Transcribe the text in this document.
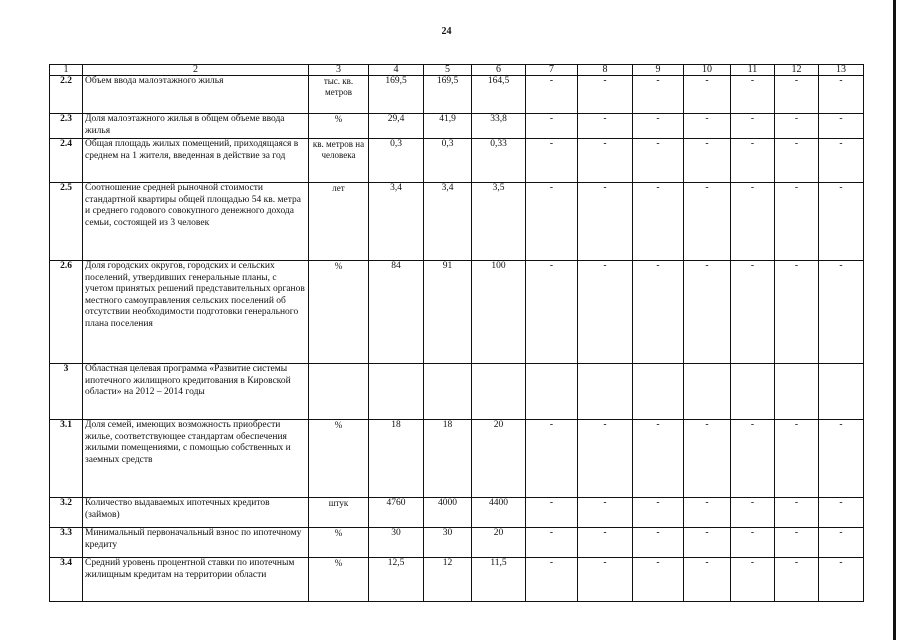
24
1	2	3	4	5	6	7	8	9	10	11	12	13
2.2	Объем ввода малоэтажного жилья	тыс. кв. метров	169,5	169,5	164,5	-	-	-	-	-	-	-
2.3	Доля малоэтажного жилья в общем объеме ввода жилья	%	29,4	41,9	33,8	-	-	-	-	-	-	-
2.4	Общая площадь жилых помещений, приходящаяся в среднем на 1 жителя, введенная в действие за год	кв. метров на человека	0,3	0,3	0,33	-	-	-	-	-	-	-
2.5	Соотношение средней рыночной стоимости стандартной квартиры общей площадью 54 кв. метра и среднего годового совокупного денежного дохода семьи, состоящей из 3 человек	лет	3,4	3,4	3,5	-	-	-	-	-	-	-
2.6	Доля городских округов, городских и сельских поселений, утвердивших генеральные планы, с учетом принятых решений представительных органов местного самоуправления сельских поселений об отсутствии необходимости подготовки генерального плана поселения	%	84	91	100	-	-	-	-	-	-	-
3	Областная целевая программа «Развитие системы ипотечного жилищного кредитования в Кировской области» на 2012 – 2014 годы											
3.1	Доля семей, имеющих возможность приобрести жилье, соответствующее стандартам обеспечения жилыми помещениями, с помощью собственных и заемных средств	%	18	18	20	-	-	-	-	-	-	-
3.2	Количество выдаваемых ипотечных кредитов (займов)	штук	4760	4000	4400	-	-	-	-	-	-	-
3.3	Минимальный первоначальный взнос по ипотечному кредиту	%	30	30	20	-	-	-	-	-	-	-
3.4	Средний уровень процентной ставки по ипотечным жилищным кредитам на территории области	%	12,5	12	11,5	-	-	-	-	-	-	-
